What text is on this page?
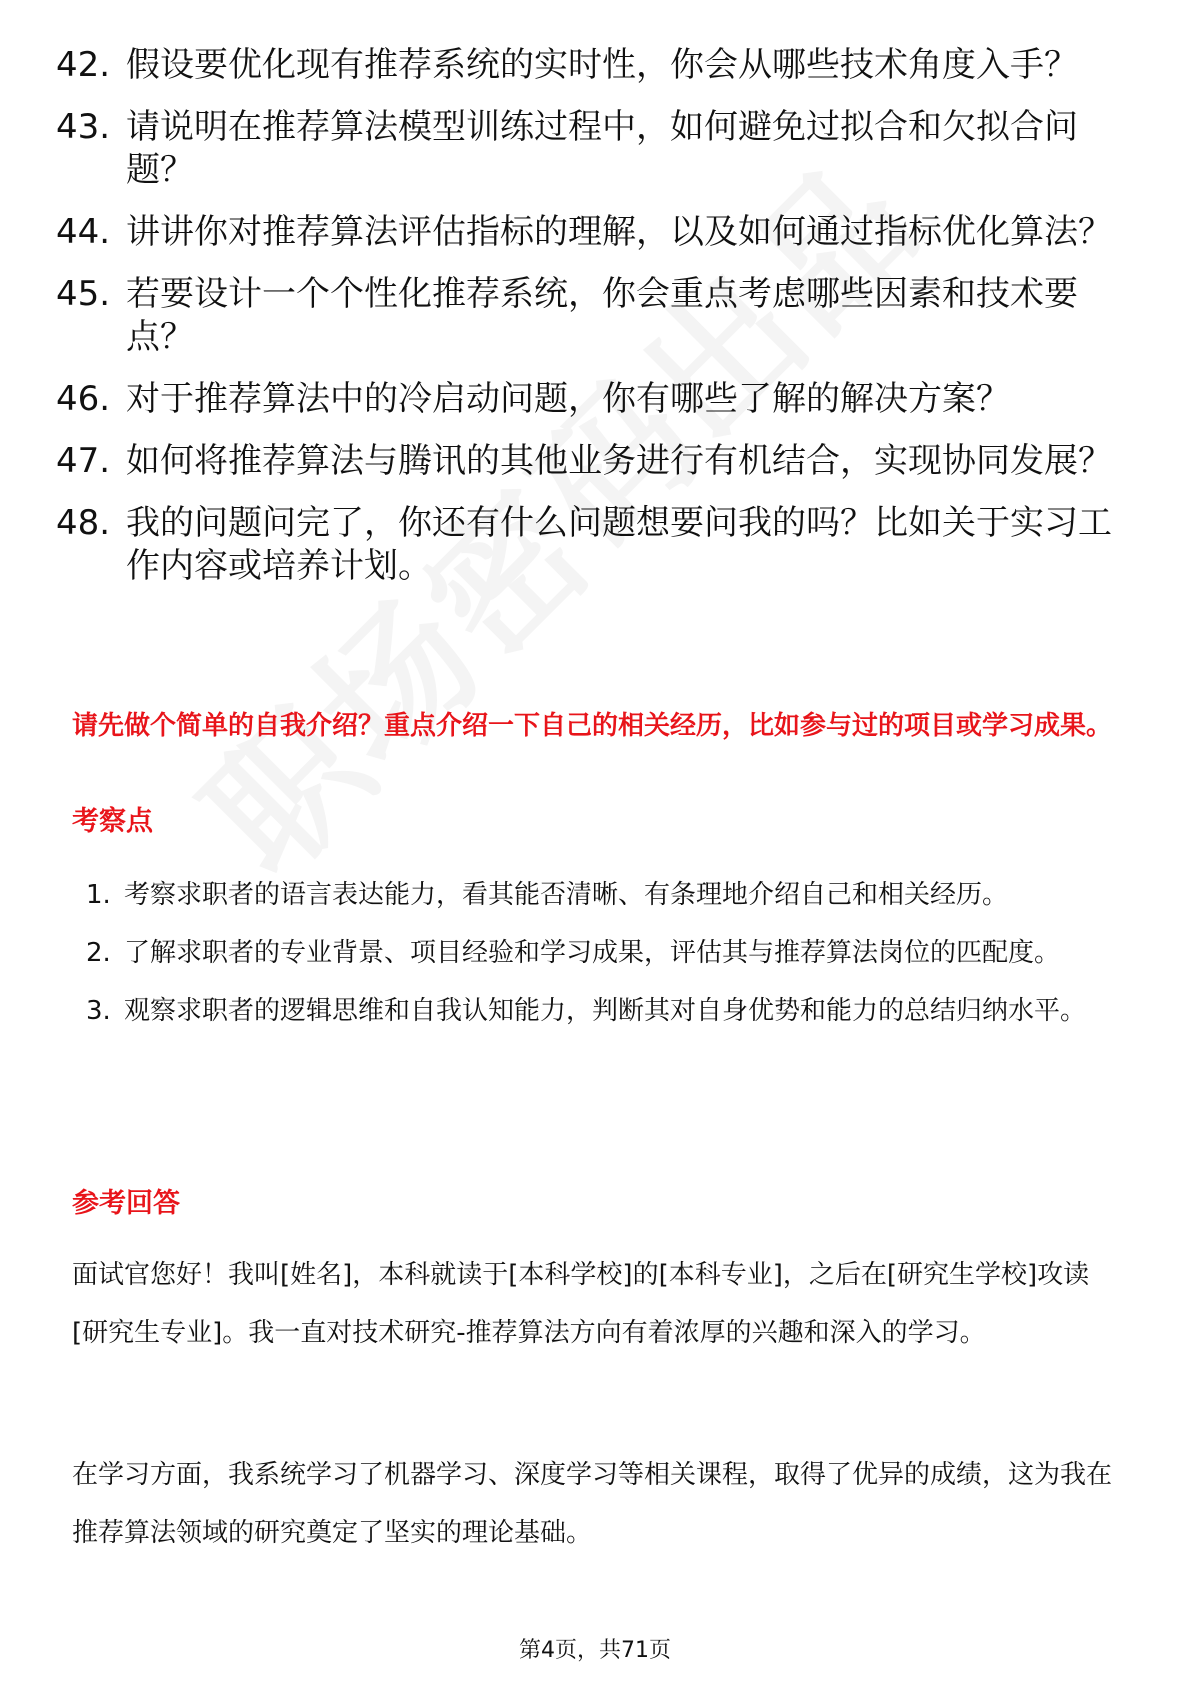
42. 假设要优化现有推荐系统的实时性，你会从哪些技术角度入手？
43. 请说明在推荐算法模型训练过程中，如何避免过拟合和欠拟合问题？
44. 讲讲你对推荐算法评估指标的理解，以及如何通过指标优化算法？
45. 若要设计一个个性化推荐系统，你会重点考虑哪些因素和技术要点？
46. 对于推荐算法中的冷启动问题，你有哪些了解的解决方案？
47. 如何将推荐算法与腾讯的其他业务进行有机结合，实现协同发展？
48. 我的问题问完了，你还有什么问题想要问我的吗？比如关于实习工作内容或培养计划。
请先做个简单的自我介绍？重点介绍一下自己的相关经历，比如参与过的项目或学习成果。
考察点
1. 考察求职者的语言表达能力，看其能否清晰、有条理地介绍自己和相关经历。
2. 了解求职者的专业背景、项目经验和学习成果，评估其与推荐算法岗位的匹配度。
3. 观察求职者的逻辑思维和自我认知能力，判断其对自身优势和能力的总结归纳水平。
参考回答

面试官您好！我叫[姓名]，本科就读于[本科学校]的[本科专业]，之后在[研究生学校]攻读[研究生专业]。我一直对技术研究-推荐算法方向有着浓厚的兴趣和深入的学习。

在学习方面，我系统学习了机器学习、深度学习等相关课程，取得了优异的成绩，这为我在推荐算法领域的研究奠定了坚实的理论基础。

第4页，共71页
